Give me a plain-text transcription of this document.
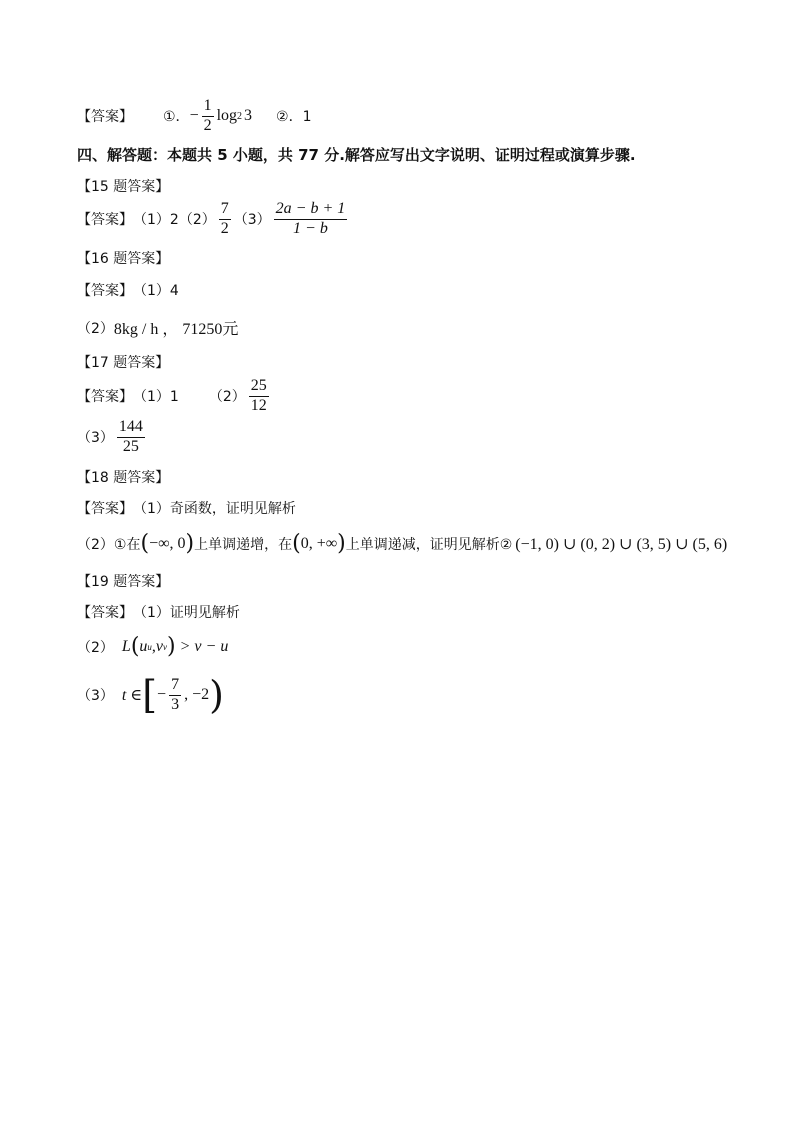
【答案】 ①． − $\frac{1}{2}$ log 2 3 ②．1
四、解答题：本题共 5 小题，共 77 分.解答应写出文字说明、证明过程或演算步骤.
【15 题答案】
【答案】 $(1)2(2) \frac{7}{2} (3) \frac{2a - b + 1}{1 - b}$
【16 题答案】
【答案】 （1）4
（2） 8kg / h ， 71250元
【17 题答案】
【答案】 （1）1 $(2) \frac{25}{12}$
$(3) \frac{144}{25}$
【18 题答案】
【答案】 （1）奇函数，证明见解析
（2） ①在 ( −∞, 0 ) 上单调递增，在 ( 0, +∞ ) 上单调递减，证明见解析② (−1, 0) ∪ (0, 2) ∪ (3, 5) ∪ (5, 6)
【19 题答案】
【答案】 （1）证明见解析
（2） L ( u u , v v ) > v − u
（3） t ∈ [ − $\frac{7}{3}$ , −2 )
